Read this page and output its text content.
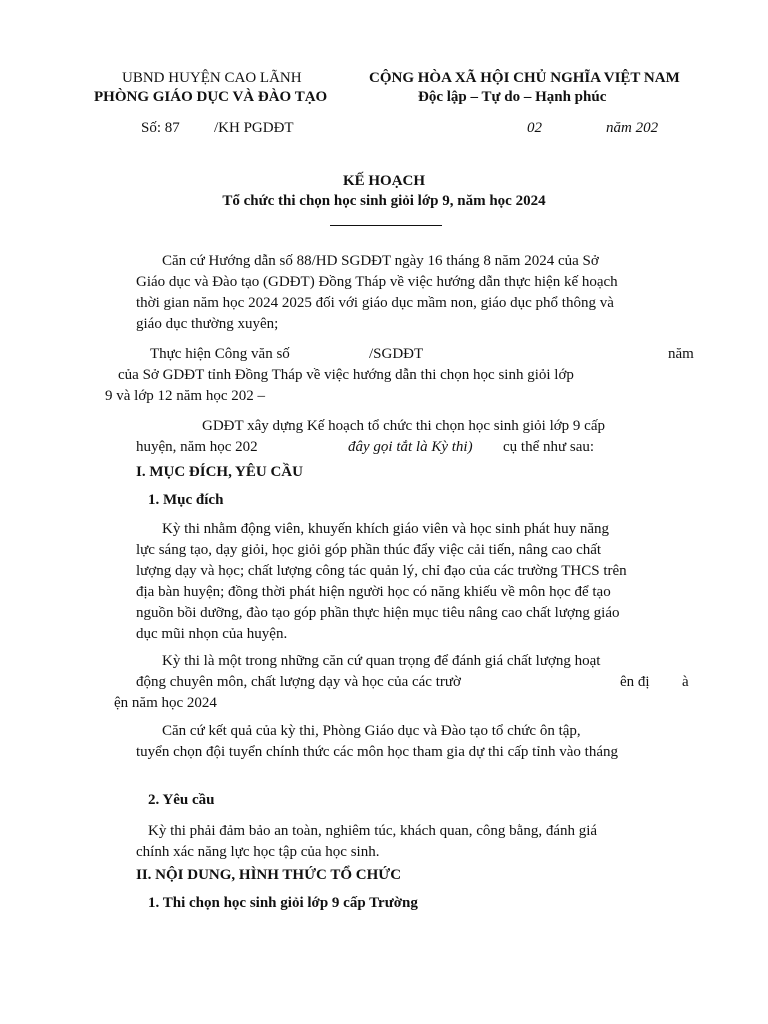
UBND HUYỆN CAO LÃNH
PHÒNG GIÁO DỤC VÀ ĐÀO TẠO
CỘNG HÒA XÃ HỘI CHỦ NGHĨA VIỆT NAM
Độc lập – Tự do – Hạnh phúc
Số: 87 /KH PGDĐT	02	năm 202
KẾ HOẠCH
Tổ chức thi chọn học sinh giỏi lớp 9, năm học 2024
Căn cứ Hướng dẫn số 88/HD SGDĐT ngày 16 tháng 8 năm 2024 của Sở
Giáo dục và Đào tạo (GDĐT) Đồng Tháp về việc hướng dẫn thực hiện kế hoạch
thời gian năm học 2024 2025 đối với giáo dục mầm non, giáo dục phổ thông và
giáo dục thường xuyên;
Thực hiện Công văn số	/SGDĐT	năm
của Sở GDĐT tỉnh Đồng Tháp về việc hướng dẫn thi chọn học sinh giỏi lớp
9 và lớp 12 năm học 202 –
GDĐT xây dựng Kế hoạch tổ chức thi chọn học sinh giỏi lớp 9 cấp
huyện, năm học 202	đây gọi tắt là Kỳ thi) cụ thể như sau:
I. MỤC ĐÍCH, YÊU CẦU
1. Mục đích
Kỳ thi nhằm động viên, khuyến khích giáo viên và học sinh phát huy năng
lực sáng tạo, dạy giỏi, học giỏi góp phần thúc đẩy việc cải tiến, nâng cao chất
lượng dạy và học; chất lượng công tác quản lý, chỉ đạo của các trường THCS trên
địa bàn huyện; đồng thời phát hiện người học có năng khiếu về môn học để tạo
nguồn bồi dưỡng, đào tạo góp phần thực hiện mục tiêu nâng cao chất lượng giáo
dục mũi nhọn của huyện.
Kỳ thi là một trong những căn cứ quan trọng để đánh giá chất lượng hoạt
động chuyên môn, chất lượng dạy và học của các trườ	ên đị à
ện năm học 2024
Căn cứ kết quả của kỳ thi, Phòng Giáo dục và Đào tạo tổ chức ôn tập,
tuyển chọn đội tuyển chính thức các môn học tham gia dự thi cấp tỉnh vào tháng
2. Yêu cầu
Kỳ thi phải đảm bảo an toàn, nghiêm túc, khách quan, công bằng, đánh giá
chính xác năng lực học tập của học sinh.
II. NỘI DUNG, HÌNH THỨC TỔ CHỨC
1. Thi chọn học sinh giỏi lớp 9 cấp Trường
